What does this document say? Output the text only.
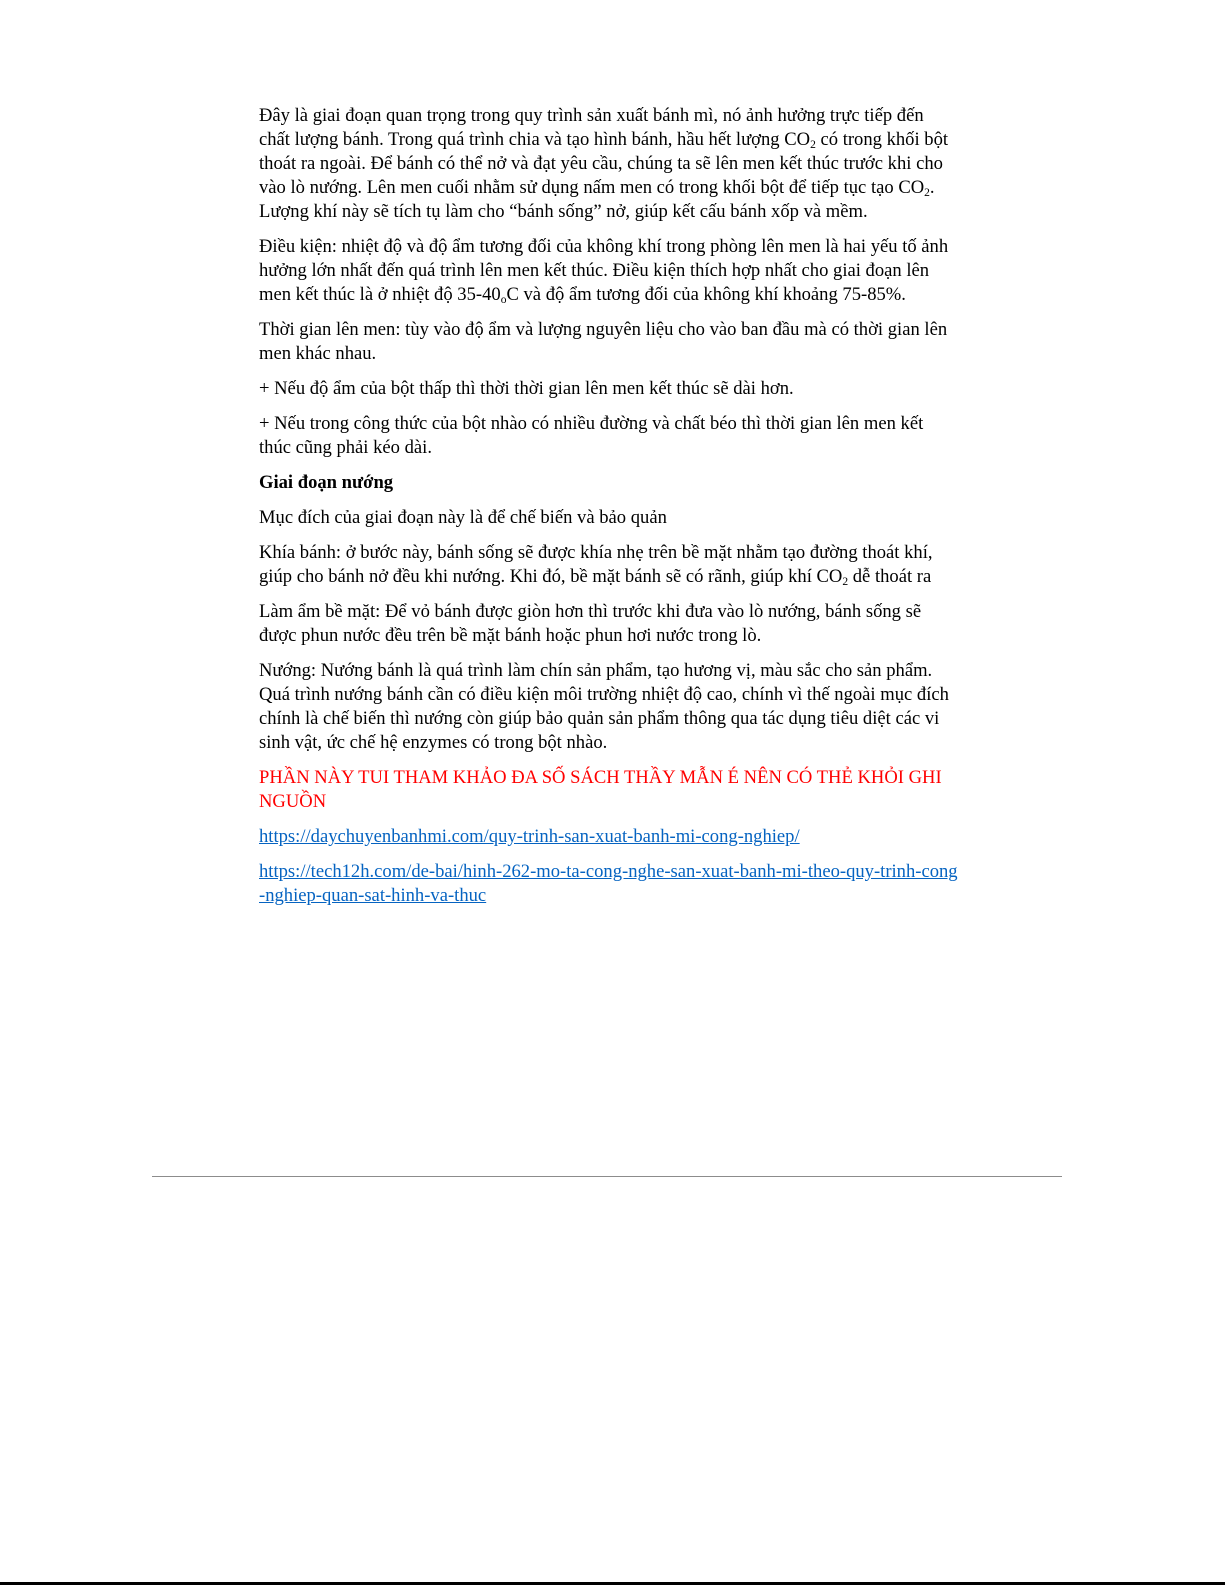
Đây là giai đoạn quan trọng trong quy trình sản xuất bánh mì, nó ảnh hưởng trực tiếp đến chất lượng bánh. Trong quá trình chia và tạo hình bánh, hầu hết lượng $CO_2$ có trong khối bột thoát ra ngoài. Để bánh có thể nở và đạt yêu cầu, chúng ta sẽ lên men kết thúc trước khi cho vào lò nướng. Lên men cuối nhằm sử dụng nấm men có trong khối bột để tiếp tục tạo $CO_2$. Lượng khí này sẽ tích tụ làm cho “bánh sống” nở, giúp kết cấu bánh xốp và mềm.

Điều kiện: nhiệt độ và độ ẩm tương đối của không khí trong phòng lên men là hai yếu tố ảnh hưởng lớn nhất đến quá trình lên men kết thúc. Điều kiện thích hợp nhất cho giai đoạn lên men kết thúc là ở nhiệt độ $35-40_oC$ và độ ẩm tương đối của không khí khoảng 75-85%.

Thời gian lên men: tùy vào độ ẩm và lượng nguyên liệu cho vào ban đầu mà có thời gian lên men khác nhau.

+ Nếu độ ẩm của bột thấp thì thời thời gian lên men kết thúc sẽ dài hơn.

+ Nếu trong công thức của bột nhào có nhiều đường và chất béo thì thời gian lên men kết thúc cũng phải kéo dài.

Giai đoạn nướng

Mục đích của giai đoạn này là để chế biến và bảo quản

Khía bánh: ở bước này, bánh sống sẽ được khía nhẹ trên bề mặt nhằm tạo đường thoát khí, giúp cho bánh nở đều khi nướng. Khi đó, bề mặt bánh sẽ có rãnh, giúp khí $CO_2$ dễ thoát ra

Làm ẩm bề mặt: Để vỏ bánh được giòn hơn thì trước khi đưa vào lò nướng, bánh sống sẽ được phun nước đều trên bề mặt bánh hoặc phun hơi nước trong lò.

Nướng: Nướng bánh là quá trình làm chín sản phẩm, tạo hương vị, màu sắc cho sản phẩm. Quá trình nướng bánh cần có điều kiện môi trường nhiệt độ cao, chính vì thế ngoài mục đích chính là chế biến thì nướng còn giúp bảo quản sản phẩm thông qua tác dụng tiêu diệt các vi sinh vật, ức chế hệ enzymes có trong bột nhào.

PHẦN NÀY TUI THAM KHẢO ĐA SỐ SÁCH THẦY MẪN É NÊN CÓ THẺ KHỎI GHI NGUỒN

https://daychuyenbanhmi.com/quy-trinh-san-xuat-banh-mi-cong-nghiep/

https://tech12h.com/de-bai/hinh-262-mo-ta-cong-nghe-san-xuat-banh-mi-theo-quy-trinh-cong-nghiep-quan-sat-hinh-va-thuc
